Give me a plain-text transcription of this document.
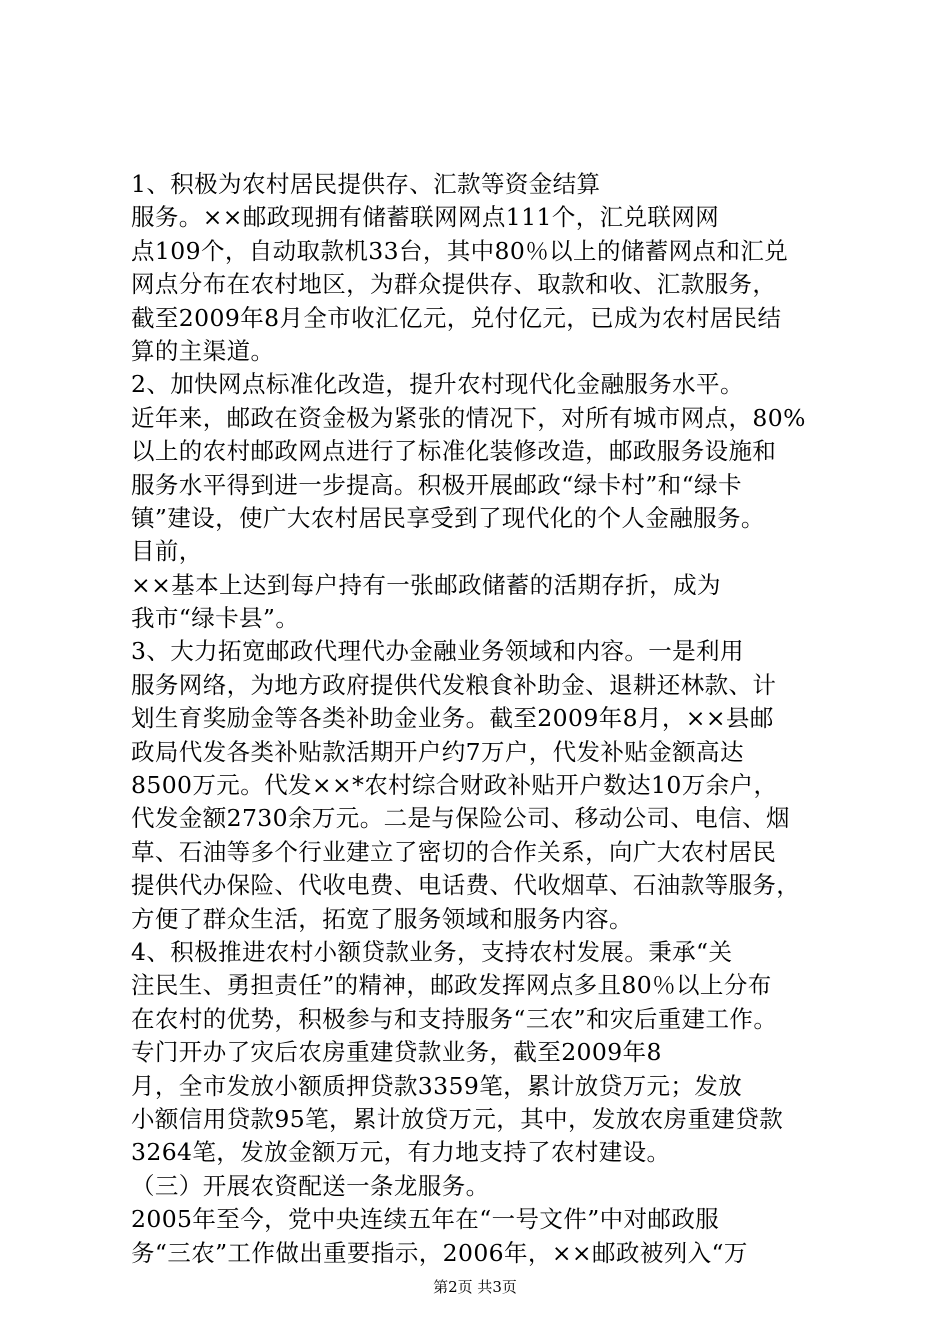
1、积极为农村居民提供存、汇款等资金结算
服务。××邮政现拥有储蓄联网网点111个，汇兑联网网
点109个，自动取款机33台，其中80％以上的储蓄网点和汇兑
网点分布在农村地区，为群众提供存、取款和收、汇款服务，
截至2009年8月全市收汇亿元，兑付亿元，已成为农村居民结
算的主渠道。
2、加快网点标准化改造，提升农村现代化金融服务水平。
近年来，邮政在资金极为紧张的情况下，对所有城市网点，80%
以上的农村邮政网点进行了标准化装修改造，邮政服务设施和
服务水平得到进一步提高。积极开展邮政“绿卡村”和“绿卡
镇”建设，使广大农村居民享受到了现代化的个人金融服务。
目前，
××基本上达到每户持有一张邮政储蓄的活期存折，成为
我市“绿卡县”。
3、大力拓宽邮政代理代办金融业务领域和内容。一是利用
服务网络，为地方政府提供代发粮食补助金、退耕还林款、计
划生育奖励金等各类补助金业务。截至2009年8月，××县邮
政局代发各类补贴款活期开户约7万户，代发补贴金额高达
8500万元。代发××*农村综合财政补贴开户数达10万余户，
代发金额2730余万元。二是与保险公司、移动公司、电信、烟
草、石油等多个行业建立了密切的合作关系，向广大农村居民
提供代办保险、代收电费、电话费、代收烟草、石油款等服务，
方便了群众生活，拓宽了服务领域和服务内容。
4、积极推进农村小额贷款业务，支持农村发展。秉承“关
注民生、勇担责任”的精神，邮政发挥网点多且80％以上分布
在农村的优势，积极参与和支持服务“三农”和灾后重建工作。
专门开办了灾后农房重建贷款业务，截至2009年8
月，全市发放小额质押贷款3359笔，累计放贷万元；发放
小额信用贷款95笔，累计放贷万元，其中，发放农房重建贷款
3264笔，发放金额万元，有力地支持了农村建设。
（三）开展农资配送一条龙服务。
2005年至今，党中央连续五年在“一号文件”中对邮政服
务“三农”工作做出重要指示，2006年，××邮政被列入“万
第2页 共3页
